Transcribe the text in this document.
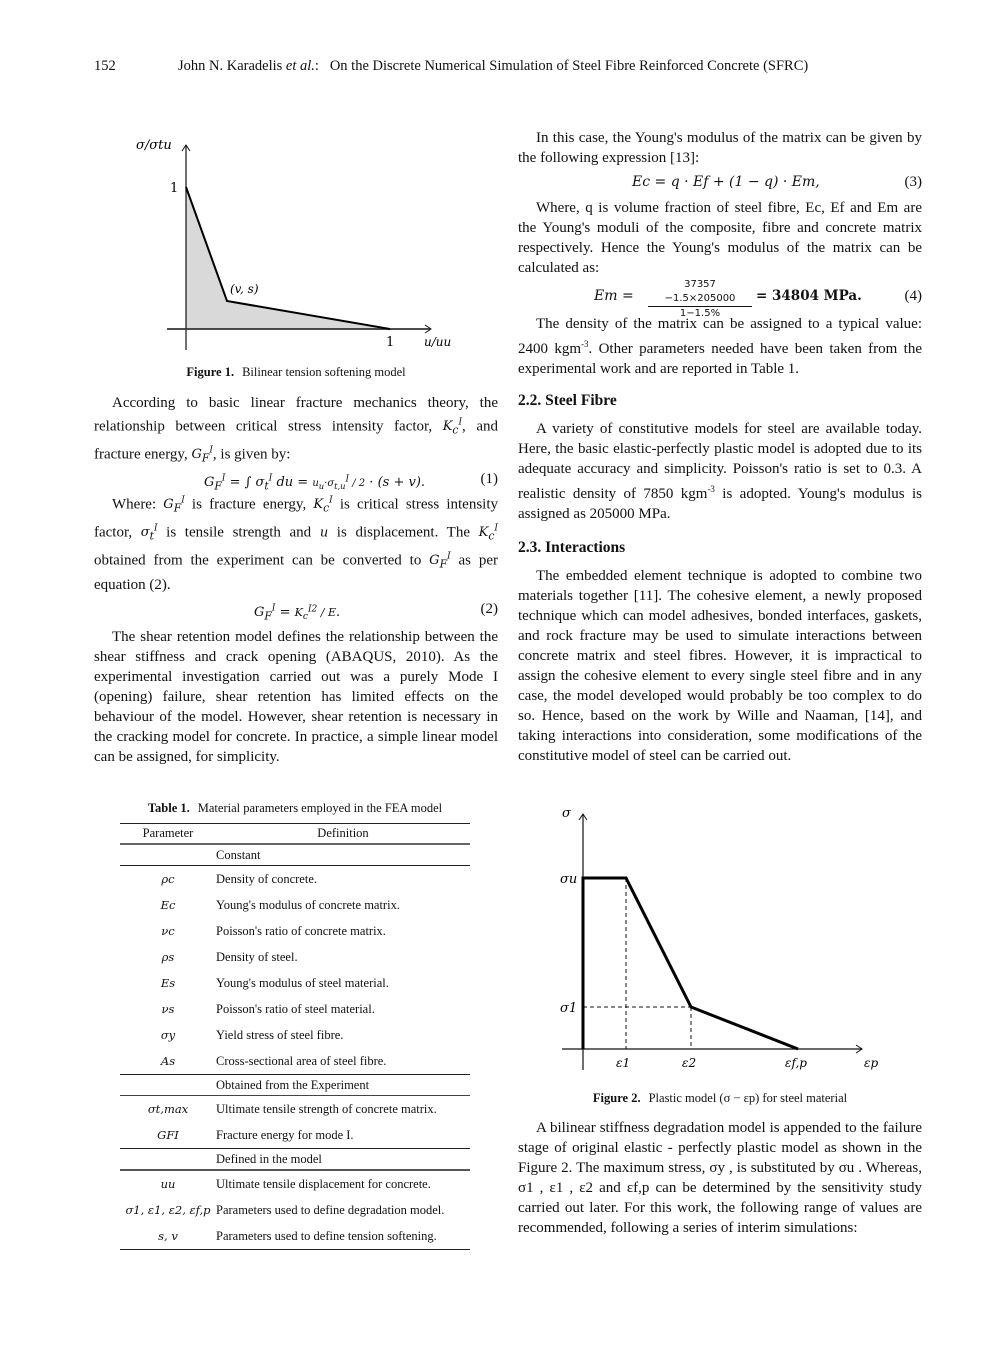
152	John N. Karadelis et al.:   On the Discrete Numerical Simulation of Steel Fibre Reinforced Concrete (SFRC)
σ/σtu
1
1 u/uu
(v, s)
Figure 1. Bilinear tension softening model

According to basic linear fracture mechanics theory, the relationship between critical stress intensity factor, $K_c^I$, and fracture energy, $G_F^I$, is given by:

$G_F^I$ = ∫ $\sigma_t^I$ du = $u_u\cdot\sigma_{t,u}^I / 2 \cdot (s + v)$.	(1)

Where: $G_F^I$ is fracture energy, $K_c^I$ is critical stress intensity factor, $\sigma_t^I$ is tensile strength and u is displacement. The $K_c^I$ obtained from the experiment can be converted to $G_F^I$ as per equation (2).

$G_F^I = K_c^{I2} / E$.	(2)

The shear retention model defines the relationship between the shear stiffness and crack opening (ABAQUS, 2010). As the experimental investigation carried out was a purely Mode I (opening) failure, shear retention has limited effects on the behaviour of the model. However, shear retention is necessary in the cracking model for concrete. In practice, a simple linear model can be assigned, for simplicity.

Table 1. Material parameters employed in the FEA model
Parameter	Definition
	Constant
ρc	Density of concrete.
Ec	Young's modulus of concrete matrix.
νc	Poisson's ratio of concrete matrix.
ρs	Density of steel.
Es	Young's modulus of steel material.
νs	Poisson's ratio of steel material.
σy	Yield stress of steel fibre.
As	Cross-sectional area of steel fibre.
	Obtained from the Experiment
σt,max	Ultimate tensile strength of concrete matrix.
GFI	Fracture energy for mode I.
	Defined in the model
uu	Ultimate tensile displacement for concrete.
σ1, ε1, ε2, εf,p	Parameters used to define degradation model.
s, v	Parameters used to define tension softening.

In this case, the Young's modulus of the matrix can be given by the following expression [13]:

Ec = q · Ef + (1 − q) · Em,	(3)

Where, q is volume fraction of steel fibre, Ec, Ef and Em are the Young's moduli of the composite, fibre and concrete matrix respectively. Hence the Young's modulus of the matrix can be calculated as:

$Em = \frac{37357 -1.5\times 205000}{1-1.5\%} = 34804$ MPa.	(4)

The density of the matrix can be assigned to a typical value: 2400 kgm$^{-3}$. Other parameters needed have been taken from the experimental work and are reported in Table 1.

2.2. Steel Fibre

A variety of constitutive models for steel are available today. Here, the basic elastic-perfectly plastic model is adopted due to its adequate accuracy and simplicity. Poisson's ratio is set to 0.3. A realistic density of 7850 kgm$^{-3}$ is adopted. Young's modulus is assigned as 205000 MPa.

2.3. Interactions

The embedded element technique is adopted to combine two materials together [11]. The cohesive element, a newly proposed technique which can model adhesives, bonded interfaces, gaskets, and rock fracture may be used to simulate interactions between concrete matrix and steel fibres. However, it is impractical to assign the cohesive element to every single steel fibre and in any case, the model developed would probably be too complex to do so. Hence, based on the work by Wille and Naaman, [14], and taking interactions into consideration, some modifications of the constitutive model of steel can be carried out.

σ
σu
σ1
ε1	ε2	εf,p	εp
Figure 2. Plastic model (σ − εp) for steel material

A bilinear stiffness degradation model is appended to the failure stage of original elastic - perfectly plastic model as shown in the Figure 2. The maximum stress, σy , is substituted by σu . Whereas, σ1 , ε1 , ε2 and εf,p can be determined by the sensitivity study carried out later. For this work, the following range of values are recommended, following a series of interim simulations:
